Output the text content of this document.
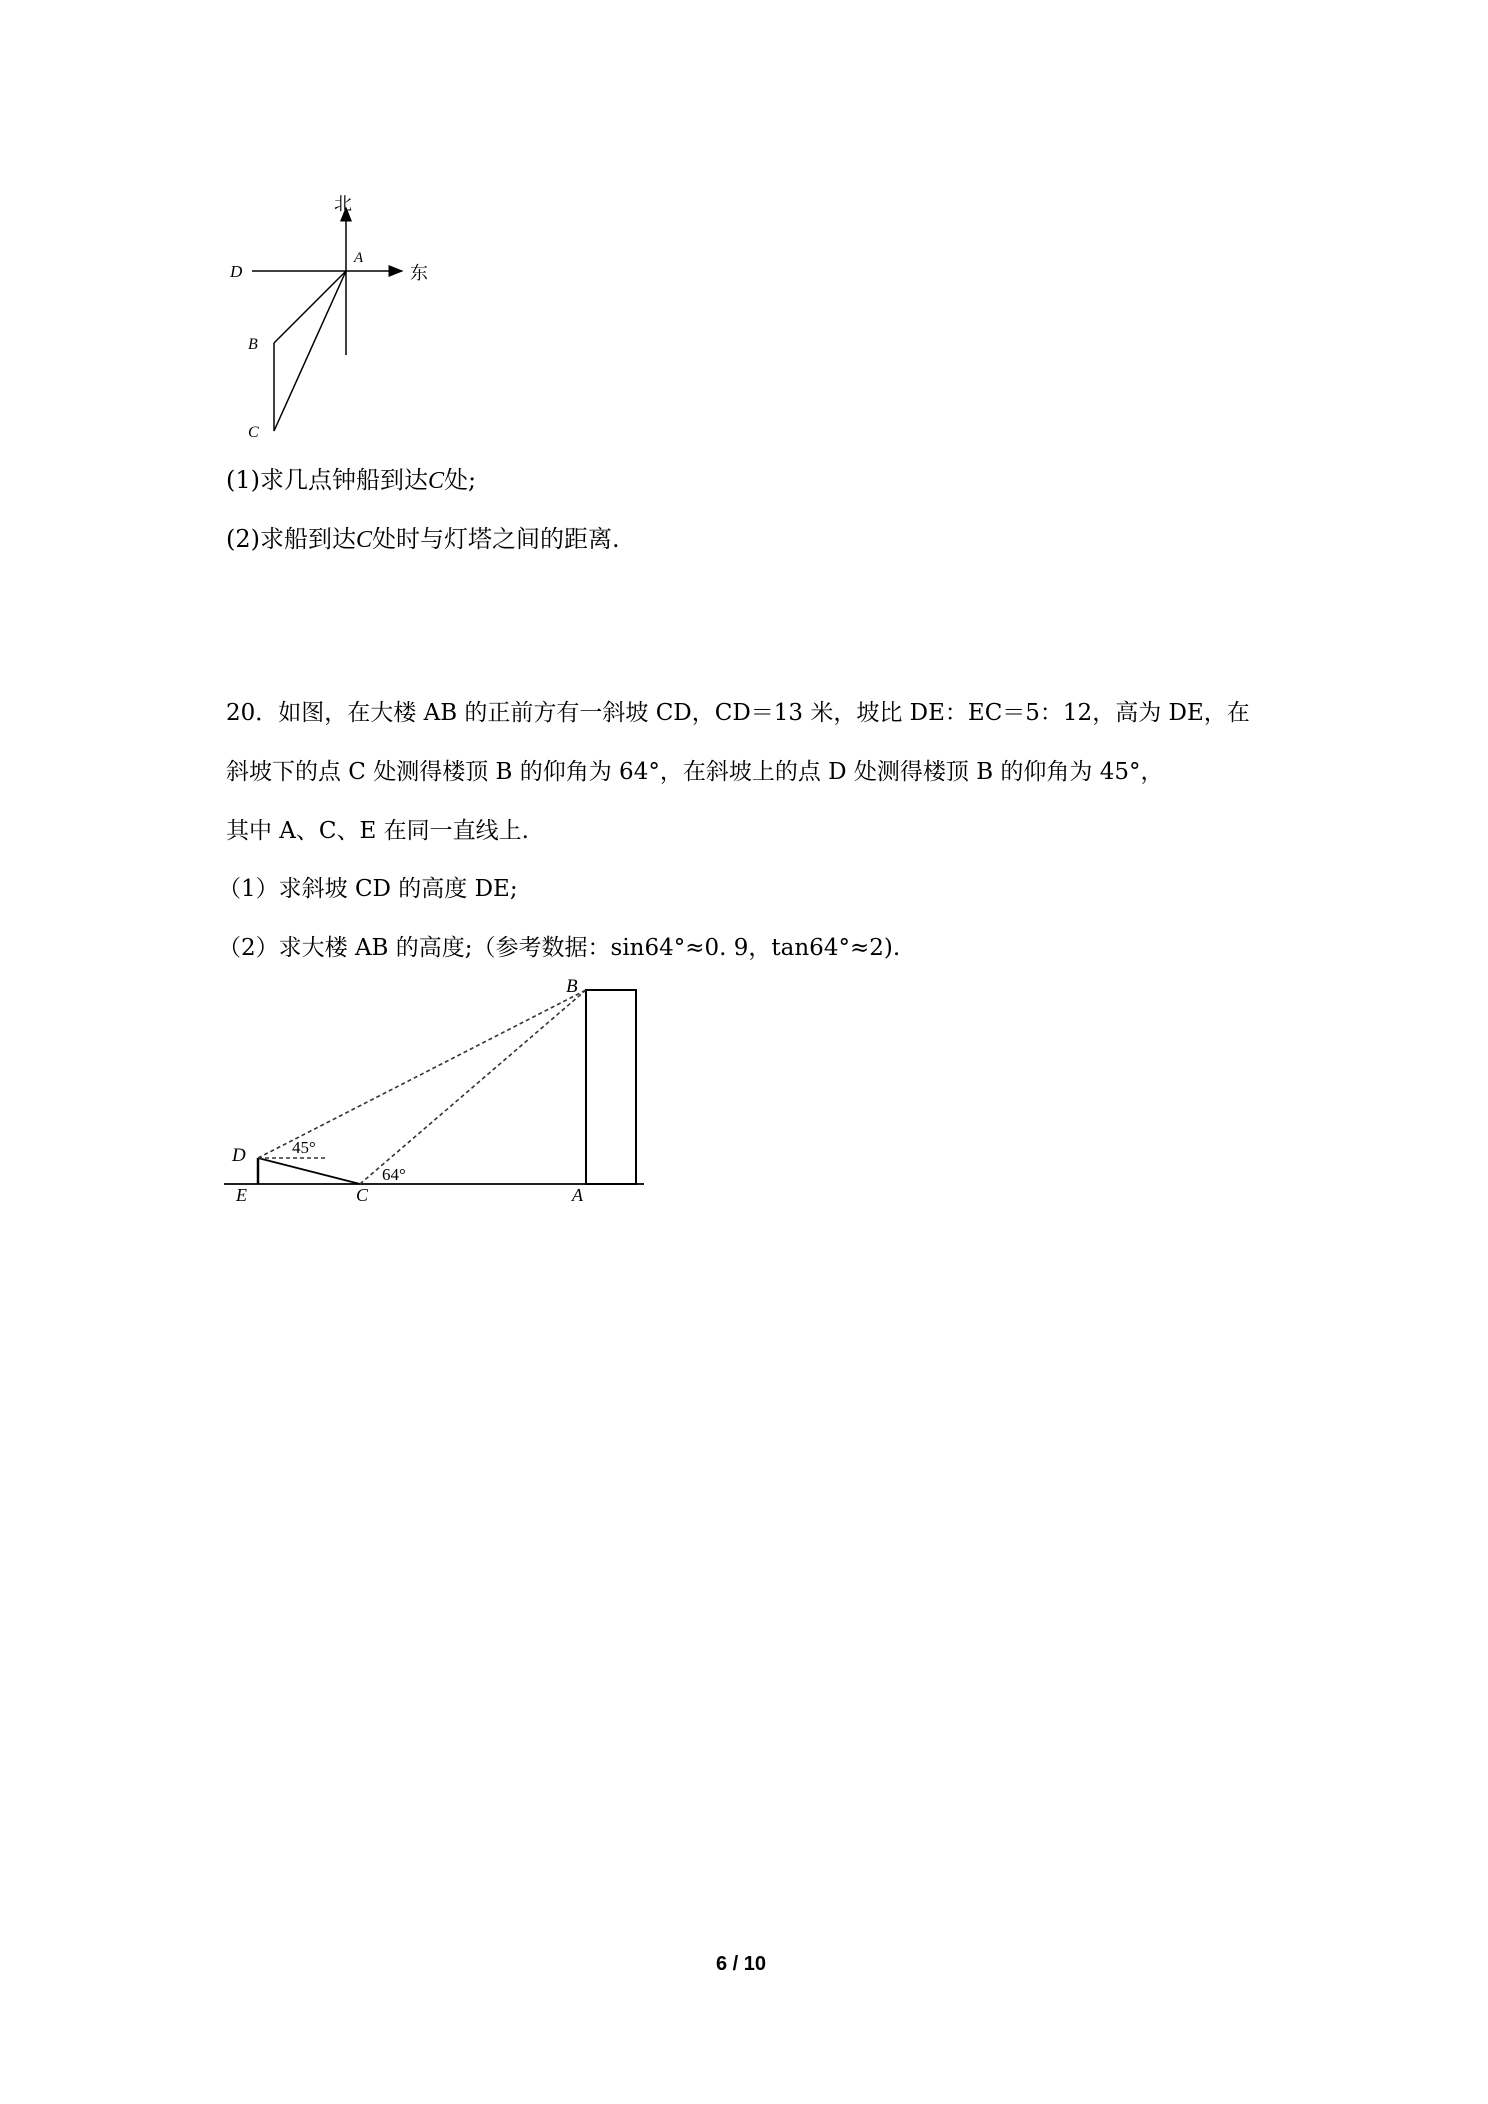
北
东
A
D
B
C
(1)求几点钟船到达C处;
(2)求船到达C处时与灯塔之间的距离.
20．如图，在大楼 AB 的正前方有一斜坡 CD，CD＝13 米，坡比 DE：EC＝5：12，高为 DE，在
斜坡下的点 C 处测得楼顶 B 的仰角为 64°，在斜坡上的点 D 处测得楼顶 B 的仰角为 45°，
其中 A、C、E 在同一直线上.
（1）求斜坡 CD 的高度 DE;
（2）求大楼 AB 的高度;（参考数据：sin64°≈0. 9，tan64°≈2).
B
D
E	C	A
45°
64°
6 / 10
